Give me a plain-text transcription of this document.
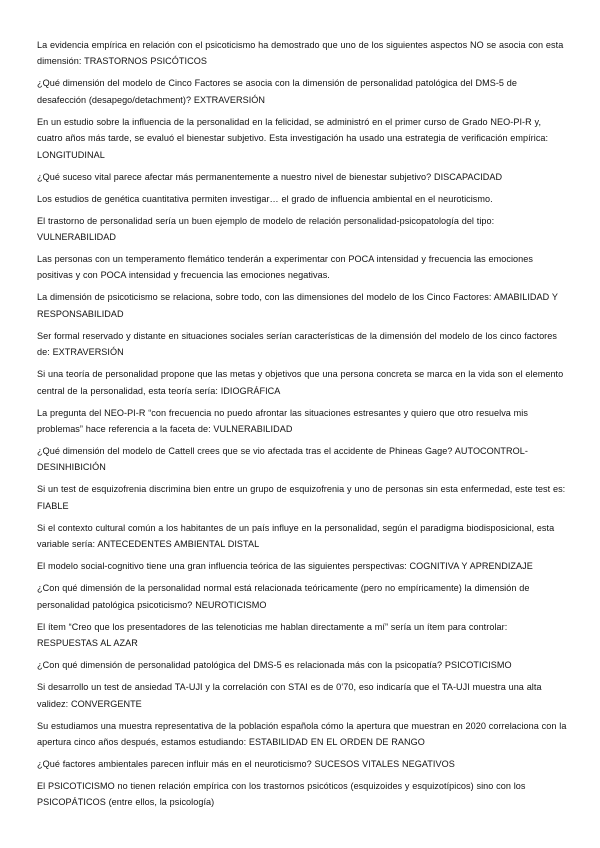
La evidencia empírica en relación con el psicoticismo ha demostrado que uno de los siguientes aspectos NO se asocia con esta dimensión: TRASTORNOS PSICÓTICOS

¿Qué dimensión del modelo de Cinco Factores se asocia con la dimensión de personalidad patológica del DMS-5 de desafección (desapego/detachment)? EXTRAVERSIÓN

En un estudio sobre la influencia de la personalidad en la felicidad, se administró en el primer curso de Grado NEO-PI-R y, cuatro años más tarde, se evaluó el bienestar subjetivo. Esta investigación ha usado una estrategia de verificación empírica: LONGITUDINAL

¿Qué suceso vital parece afectar más permanentemente a nuestro nivel de bienestar subjetivo? DISCAPACIDAD

Los estudios de genética cuantitativa permiten investigar… el grado de influencia ambiental en el neuroticismo.

El trastorno de personalidad sería un buen ejemplo de modelo de relación personalidad-psicopatología del tipo: VULNERABILIDAD

Las personas con un temperamento flemático tenderán a experimentar con POCA intensidad y frecuencia las emociones positivas y con POCA intensidad y frecuencia las emociones negativas.

La dimensión de psicoticismo se relaciona, sobre todo, con las dimensiones del modelo de los Cinco Factores: AMABILIDAD Y RESPONSABILIDAD

Ser formal reservado y distante en situaciones sociales serían características de la dimensión del modelo de los cinco factores de: EXTRAVERSIÓN

Si una teoría de personalidad propone que las metas y objetivos que una persona concreta se marca en la vida son el elemento central de la personalidad, esta teoría sería: IDIOGRÁFICA

La pregunta del NEO-PI-R “con frecuencia no puedo afrontar las situaciones estresantes y quiero que otro resuelva mis problemas” hace referencia a la faceta de: VULNERABILIDAD

¿Qué dimensión del modelo de Cattell crees que se vio afectada tras el accidente de Phineas Gage? AUTOCONTROL-DESINHIBICIÓN

Si un test de esquizofrenia discrimina bien entre un grupo de esquizofrenia y uno de personas sin esta enfermedad, este test es: FIABLE

Si el contexto cultural común a los habitantes de un país influye en la personalidad, según el paradigma biodisposicional, esta variable sería: ANTECEDENTES AMBIENTAL DISTAL

El modelo social-cognitivo tiene una gran influencia teórica de las siguientes perspectivas: COGNITIVA Y APRENDIZAJE

¿Con qué dimensión de la personalidad normal está relacionada teóricamente (pero no empíricamente) la dimensión de personalidad patológica psicoticismo? NEUROTICISMO

El ítem “Creo que los presentadores de las telenoticias me hablan directamente a mí” sería un ítem para controlar: RESPUESTAS AL AZAR

¿Con qué dimensión de personalidad patológica del DMS-5 es relacionada más con la psicopatía? PSICOTICISMO

Si desarrollo un test de ansiedad TA-UJI y la correlación con STAI es de 0’70, eso indicaría que el TA-UJI muestra una alta validez: CONVERGENTE

Su estudiamos una muestra representativa de la población española cómo la apertura que muestran en 2020 correlaciona con la apertura cinco años después, estamos estudiando: ESTABILIDAD EN EL ORDEN DE RANGO

¿Qué factores ambientales parecen influir más en el neuroticismo? SUCESOS VITALES NEGATIVOS

El PSICOTICISMO no tienen relación empírica con los trastornos psicóticos (esquizoides y esquizotípicos) sino con los PSICOPÁTICOS (entre ellos, la psicología)
